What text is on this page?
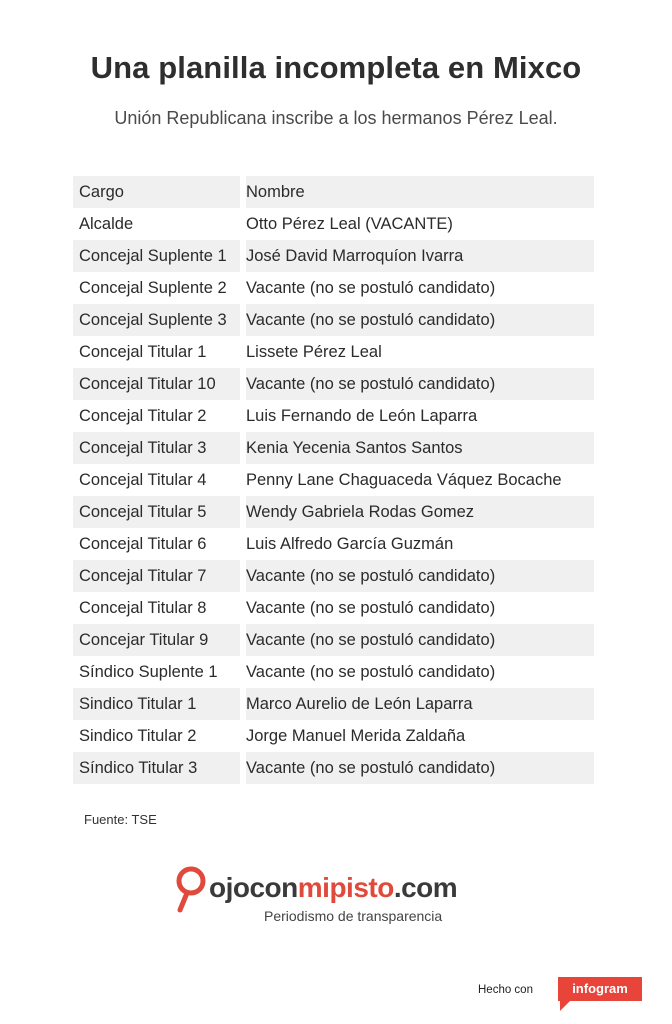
Una planilla incompleta en Mixco
Unión Republicana inscribe a los hermanos Pérez Leal.
Cargo	Nombre
Alcalde	Otto Pérez Leal (VACANTE)
Concejal Suplente 1	José David Marroquíon Ivarra
Concejal Suplente 2	Vacante (no se postuló candidato)
Concejal Suplente 3	Vacante (no se postuló candidato)
Concejal Titular 1	Lissete Pérez Leal
Concejal Titular 10	Vacante (no se postuló candidato)
Concejal Titular 2	Luis Fernando de León Laparra
Concejal Titular 3	Kenia Yecenia Santos Santos
Concejal Titular 4	Penny Lane Chaguaceda Váquez Bocache
Concejal Titular 5	Wendy Gabriela Rodas Gomez
Concejal Titular 6	Luis Alfredo García Guzmán
Concejal Titular 7	Vacante (no se postuló candidato)
Concejal Titular 8	Vacante (no se postuló candidato)
Concejar Titular 9	Vacante (no se postuló candidato)
Síndico Suplente 1	Vacante (no se postuló candidato)
Sindico Titular 1	Marco Aurelio de León Laparra
Sindico Titular 2	Jorge Manuel Merida Zaldaña
Síndico Titular 3	Vacante (no se postuló candidato)
Fuente: TSE
ojoconmipisto.com
Periodismo de transparencia
Hecho con	infogram
